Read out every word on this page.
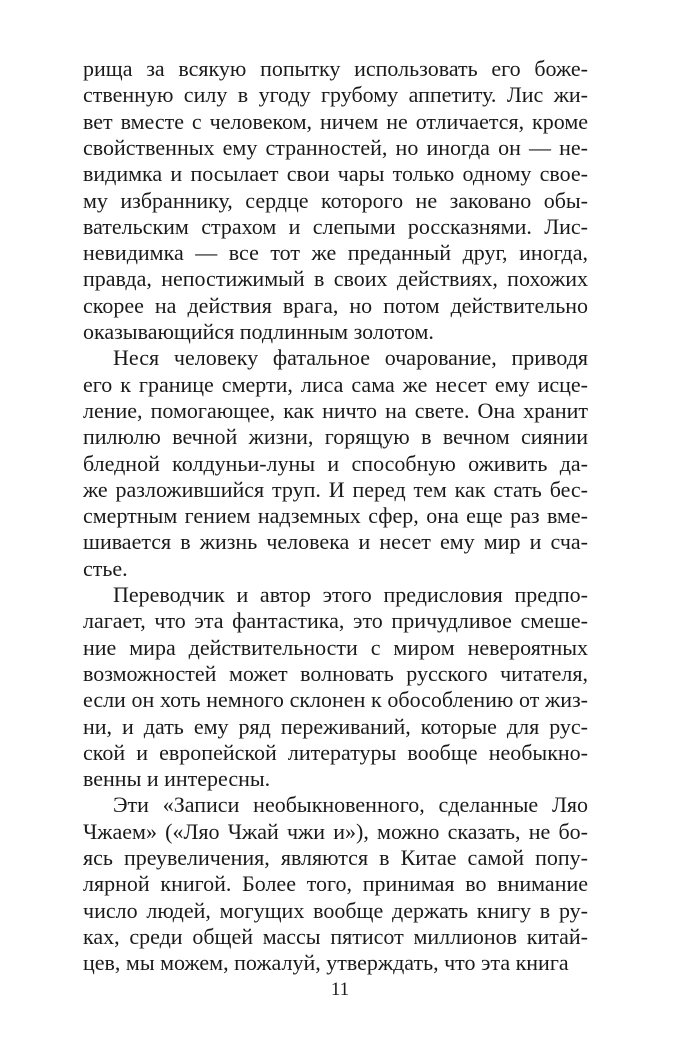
рища за всякую попытку использовать его боже-
ственную силу в угоду грубому аппетиту. Лис жи-
вет вместе с человеком, ничем не отличается, кроме
свойственных ему странностей, но иногда он — не-
видимка и посылает свои чары только одному свое-
му избраннику, сердце которого не заковано обы-
вательским страхом и слепыми россказнями. Лис-
невидимка — все тот же преданный друг, иногда,
правда, непостижимый в своих действиях, похожих
скорее на действия врага, но потом действительно
оказывающийся подлинным золотом.
Неся человеку фатальное очарование, приводя
его к границе смерти, лиса сама же несет ему исце-
ление, помогающее, как ничто на свете. Она хранит
пилюлю вечной жизни, горящую в вечном сиянии
бледной колдуньи-луны и способную оживить да-
же разложившийся труп. И перед тем как стать бес-
смертным гением надземных сфер, она еще раз вме-
шивается в жизнь человека и несет ему мир и сча-
стье.
Переводчик и автор этого предисловия предпо-
лагает, что эта фантастика, это причудливое смеше-
ние мира действительности с миром невероятных
возможностей может волновать русского читателя,
если он хоть немного склонен к обособлению от жиз-
ни, и дать ему ряд переживаний, которые для рус-
ской и европейской литературы вообще необыкно-
венны и интересны.
Эти «Записи необыкновенного, сделанные Ляо
Чжаем» («Ляо Чжай чжи и»), можно сказать, не бо-
ясь преувеличения, являются в Китае самой попу-
лярной книгой. Более того, принимая во внимание
число людей, могущих вообще держать книгу в ру-
ках, среди общей массы пятисот миллионов китай-
цев, мы можем, пожалуй, утверждать, что эта книга
11
